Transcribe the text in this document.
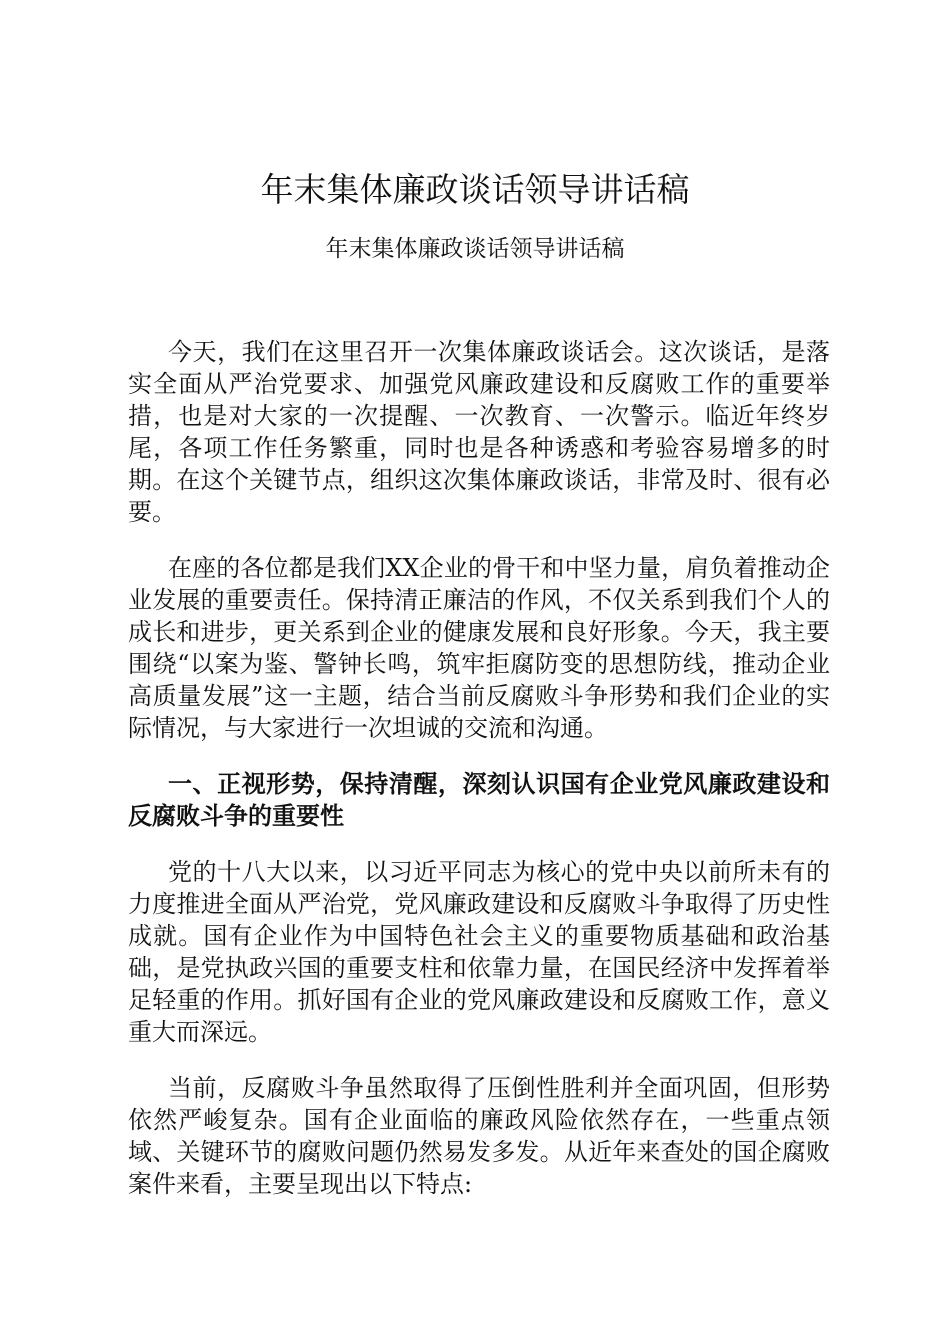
年末集体廉政谈话领导讲话稿
年末集体廉政谈话领导讲话稿

今天，我们在这里召开一次集体廉政谈话会。这次谈话，是落实全面从严治党要求、加强党风廉政建设和反腐败工作的重要举措，也是对大家的一次提醒、一次教育、一次警示。临近年终岁尾，各项工作任务繁重，同时也是各种诱惑和考验容易增多的时期。在这个关键节点，组织这次集体廉政谈话，非常及时、很有必要。

在座的各位都是我们XX企业的骨干和中坚力量，肩负着推动企业发展的重要责任。保持清正廉洁的作风，不仅关系到我们个人的成长和进步，更关系到企业的健康发展和良好形象。今天，我主要围绕“以案为鉴、警钟长鸣，筑牢拒腐防变的思想防线，推动企业高质量发展”这一主题，结合当前反腐败斗争形势和我们企业的实际情况，与大家进行一次坦诚的交流和沟通。

一、正视形势，保持清醒，深刻认识国有企业党风廉政建设和反腐败斗争的重要性

党的十八大以来，以习近平同志为核心的党中央以前所未有的力度推进全面从严治党，党风廉政建设和反腐败斗争取得了历史性成就。国有企业作为中国特色社会主义的重要物质基础和政治基础，是党执政兴国的重要支柱和依靠力量，在国民经济中发挥着举足轻重的作用。抓好国有企业的党风廉政建设和反腐败工作，意义重大而深远。

当前，反腐败斗争虽然取得了压倒性胜利并全面巩固，但形势依然严峻复杂。国有企业面临的廉政风险依然存在，一些重点领域、关键环节的腐败问题仍然易发多发。从近年来查处的国企腐败案件来看，主要呈现出以下特点:
